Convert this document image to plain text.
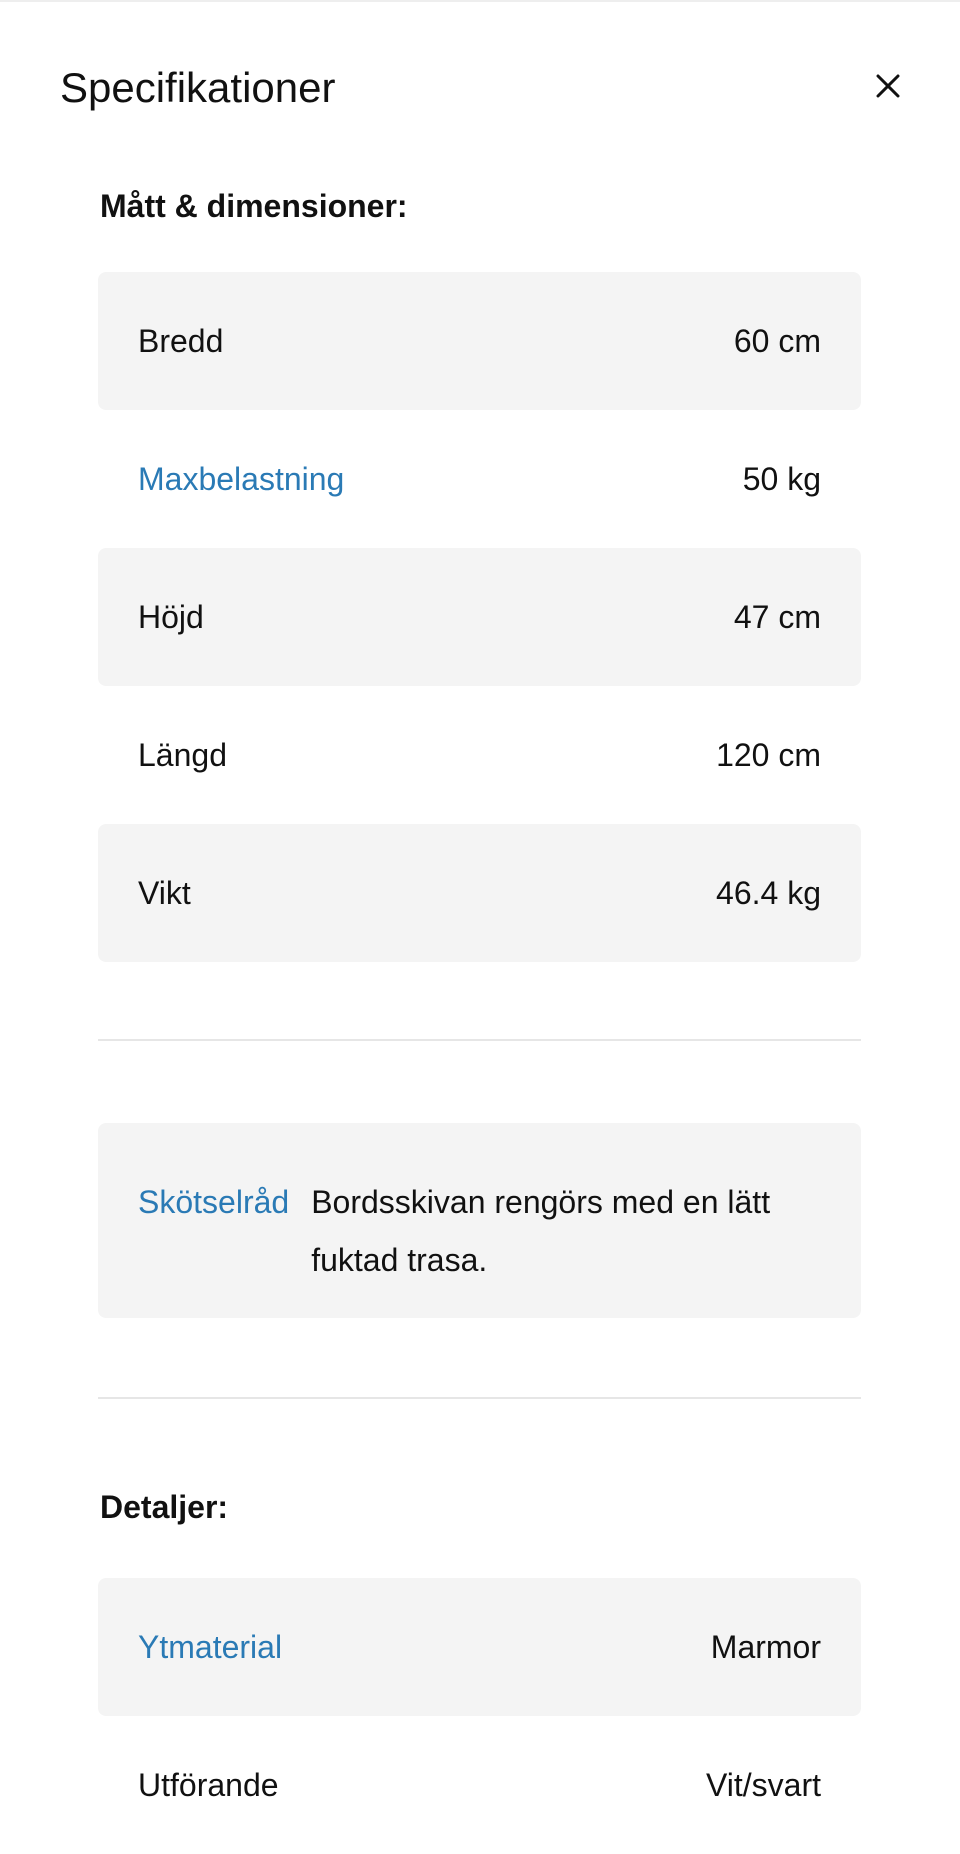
Specifikationer
Mått & dimensioner:
Bredd	60 cm
Maxbelastning	50 kg
Höjd	47 cm
Längd	120 cm
Vikt	46.4 kg
Skötselråd Bordsskivan rengörs med en lätt fuktad trasa.
Detaljer:
Ytmaterial	Marmor
Utförande	Vit/svart
